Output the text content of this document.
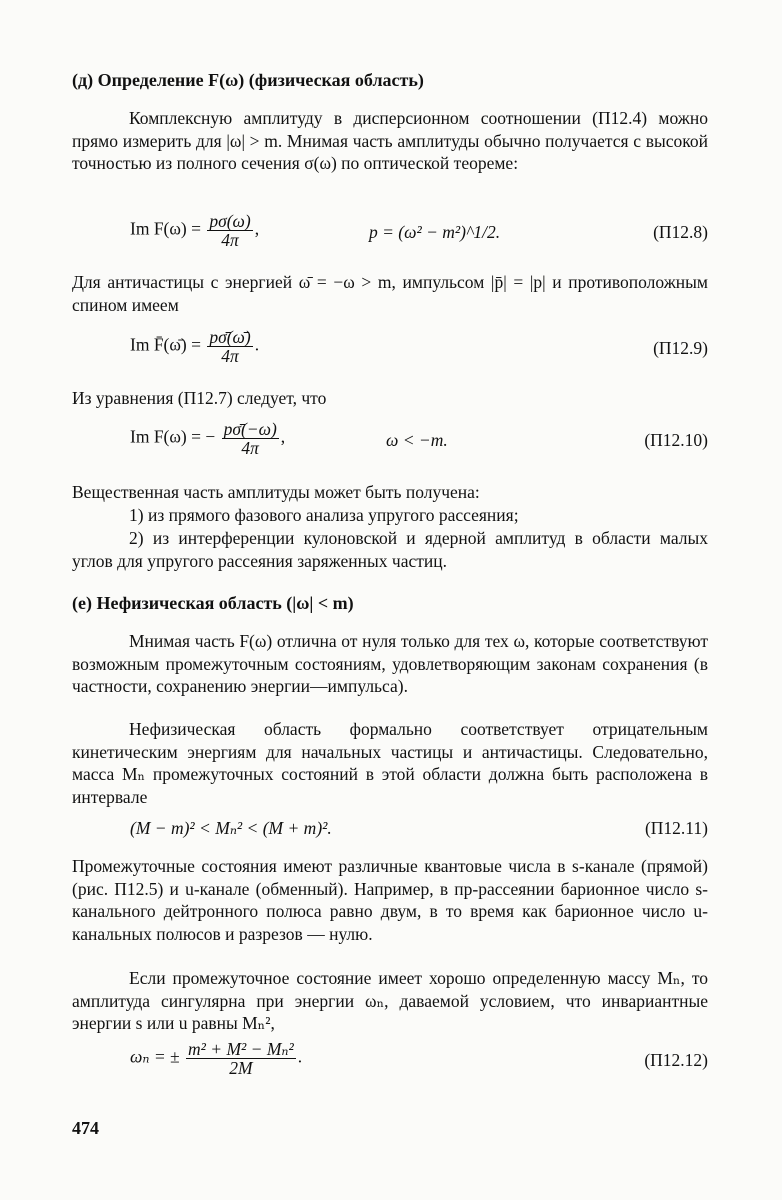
(д) Определение F(ω) (физическая область)

Комплексную амплитуду в дисперсионном соотношении (П12.4) можно прямо измерить для |ω| > m. Мнимая часть амплитуды обычно получается с высокой точностью из полного сечения σ(ω) по оптической теореме:

Im $F(\omega) = \frac{p\sigma(\omega)}{4\pi}$ ,	p = (ω² − m²)^1/2.	(П12.8)

Для античастицы с энергией ω̄ = −ω > m, импульсом |p̄| = |p| и противоположным спином имеем

Im F̄(ω̄) = $\frac{p\sigmā(\omegā)}{4\pi}$ .	(П12.9)

Из уравнения (П12.7) следует, что

Im F(ω) = − $\frac{p\sigmā(-\omega)}{4\pi}$ ,	ω < −m.	(П12.10)

Вещественная часть амплитуды может быть получена:

1) из прямого фазового анализа упругого рассеяния;

2) из интерференции кулоновской и ядерной амплитуд в области малых углов для упругого рассеяния заряженных частиц.

(е) Нефизическая область (|ω| < m)

Мнимая часть F(ω) отлична от нуля только для тех ω, которые соответствуют возможным промежуточным состояниям, удовлетворяющим законам сохранения (в частности, сохранению энергии—импульса).

Нефизическая область формально соответствует отрицательным кинетическим энергиям для начальных частицы и античастицы. Следовательно, масса Mₙ промежуточных состояний в этой области должна быть расположена в интервале

(M − m)² < Mₙ² < (M + m)².	(П12.11)

Промежуточные состояния имеют различные квантовые числа в s-канале (прямой) (рис. П12.5) и u-канале (обменный). Например, в пр-рассеянии барионное число s-канального дейтронного полюса равно двум, в то время как барионное число u-канальных полюсов и разрезов — нулю.

Если промежуточное состояние имеет хорошо определенную массу Mₙ, то амплитуда сингулярна при энергии ωₙ, даваемой условием, что инвариантные энергии s или u равны Mₙ²,

ωₙ = ± $\frac{\text{m² + M² − Mₙ²}}{2M}$ .	(П12.12)
474
